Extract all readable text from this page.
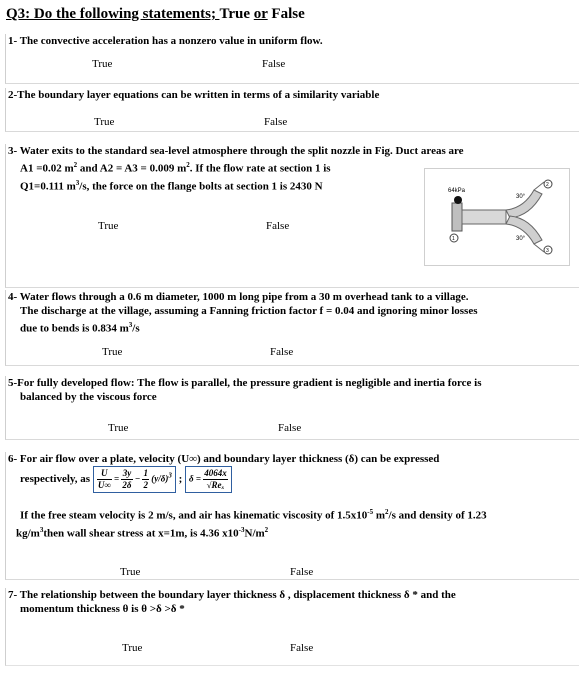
Q3: Do the following statements; True or False
1- The convective acceleration has a nonzero value in uniform flow.
True	False
2-The boundary layer equations can be written in terms of a similarity variable
True	False
3- Water exits to the standard sea-level atmosphere through the split nozzle in Fig. Duct areas are
A1 =0.02 $m^2$ and A2 = A3 = 0.009 $m^2$. If the flow rate at section 1 is
Q1=0.111 $m^3/s$, the force on the flange bolts at section 1 is 2430 N
True	False
64kPa
30°
30°
1
2
3
4- Water flows through a 0.6 m diameter, 1000 m long pipe from a 30 m overhead tank to a village.
The discharge at the village, assuming a Fanning friction factor f = 0.04 and ignoring minor losses
due to bends is 0.834 $m^3/s$
True	False
5-For fully developed flow: The flow is parallel, the pressure gradient is negligible and inertia force is
balanced by the viscous force
True	False
6- For air flow over a plate, velocity (U∞) and boundary layer thickness (δ) can be expressed
respectively, as $\frac{U}{U\infty} = \frac{3y}{2\delta} - \frac{1}{2} (y/\delta)^3$ ; $\delta = \frac{4064x}{\text{√Reₓ}}$
If the free steam velocity is 2 m/s, and air has kinematic viscosity of $1.5x10^{-5}$ $m^2/s$ and density of 1.23
$kg/m^3then$ wall shear stress at x=1m, is 4.36 $x10^{-3}N/m^2$
True	False
7- The relationship between the boundary layer thickness δ , displacement thickness δ * and the
momentum thickness θ is θ >δ >δ *
True	False
